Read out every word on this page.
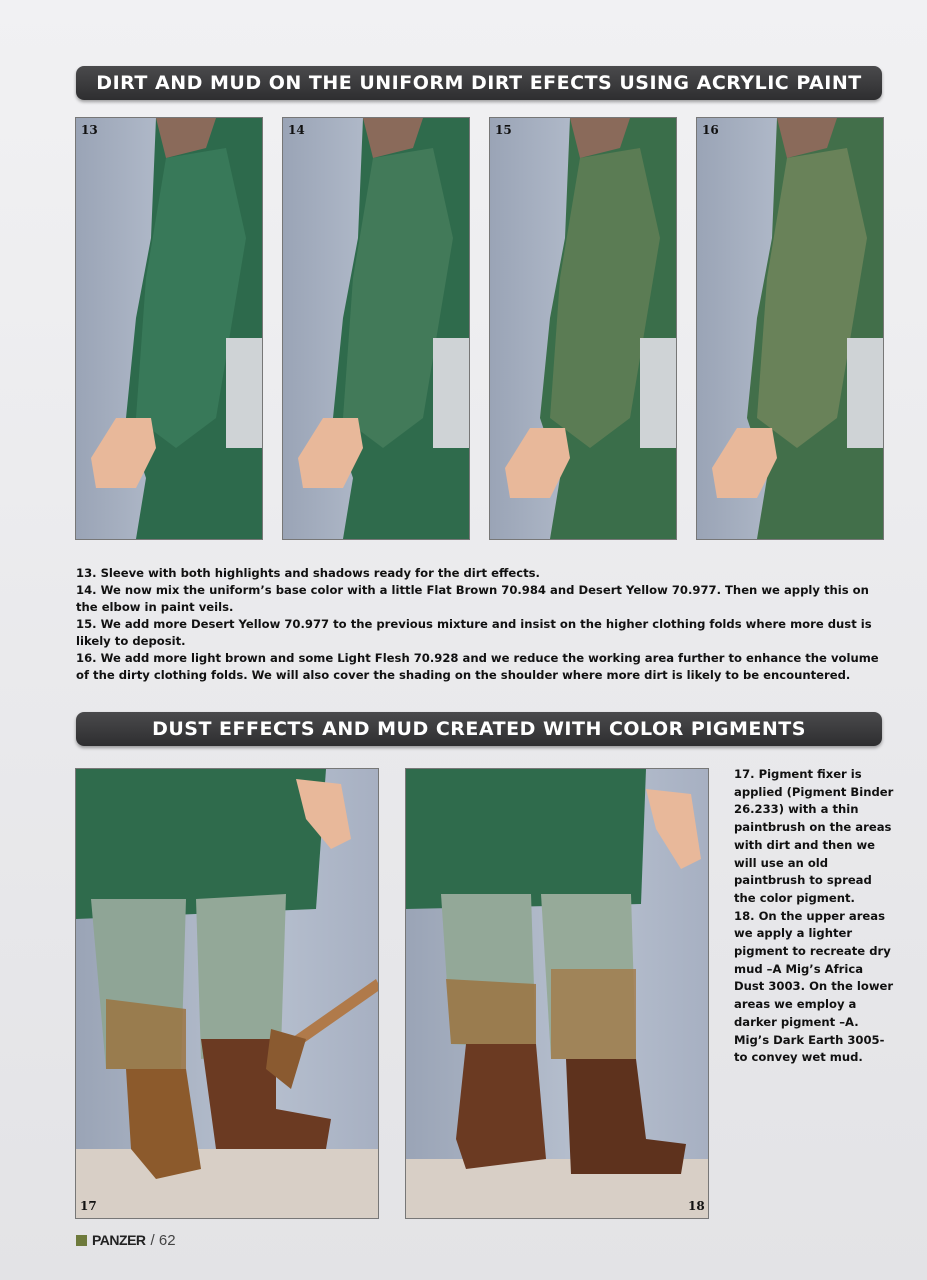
DIRT AND MUD ON THE UNIFORM DIRT EFECTS USING ACRYLIC PAINT
13	14	15	16

13. Sleeve with both highlights and shadows ready for the dirt effects.

14. We now mix the uniform’s base color with a little Flat Brown 70.984 and Desert Yellow 70.977. Then we apply this on the elbow in paint veils.

15. We add more Desert Yellow 70.977 to the previous mixture and insist on the higher clothing folds where more dust is likely to deposit.

16. We add more light brown and some Light Flesh 70.928 and we reduce the working area further to enhance the volume of the dirty clothing folds. We will also cover the shading on the shoulder where more dirt is likely to be encountered.

DUST EFFECTS AND MUD CREATED WITH COLOR PIGMENTS
17	18

17. Pigment fixer is applied (Pigment Binder 26.233) with a thin paintbrush on the areas with dirt and then we will use an old paintbrush to spread the color pigment.

18. On the upper areas we apply a lighter pigment to recreate dry mud –A Mig’s Africa Dust 3003. On the lower areas we employ a darker pigment –A. Mig’s Dark Earth 3005- to convey wet mud.

PANZER / 62
